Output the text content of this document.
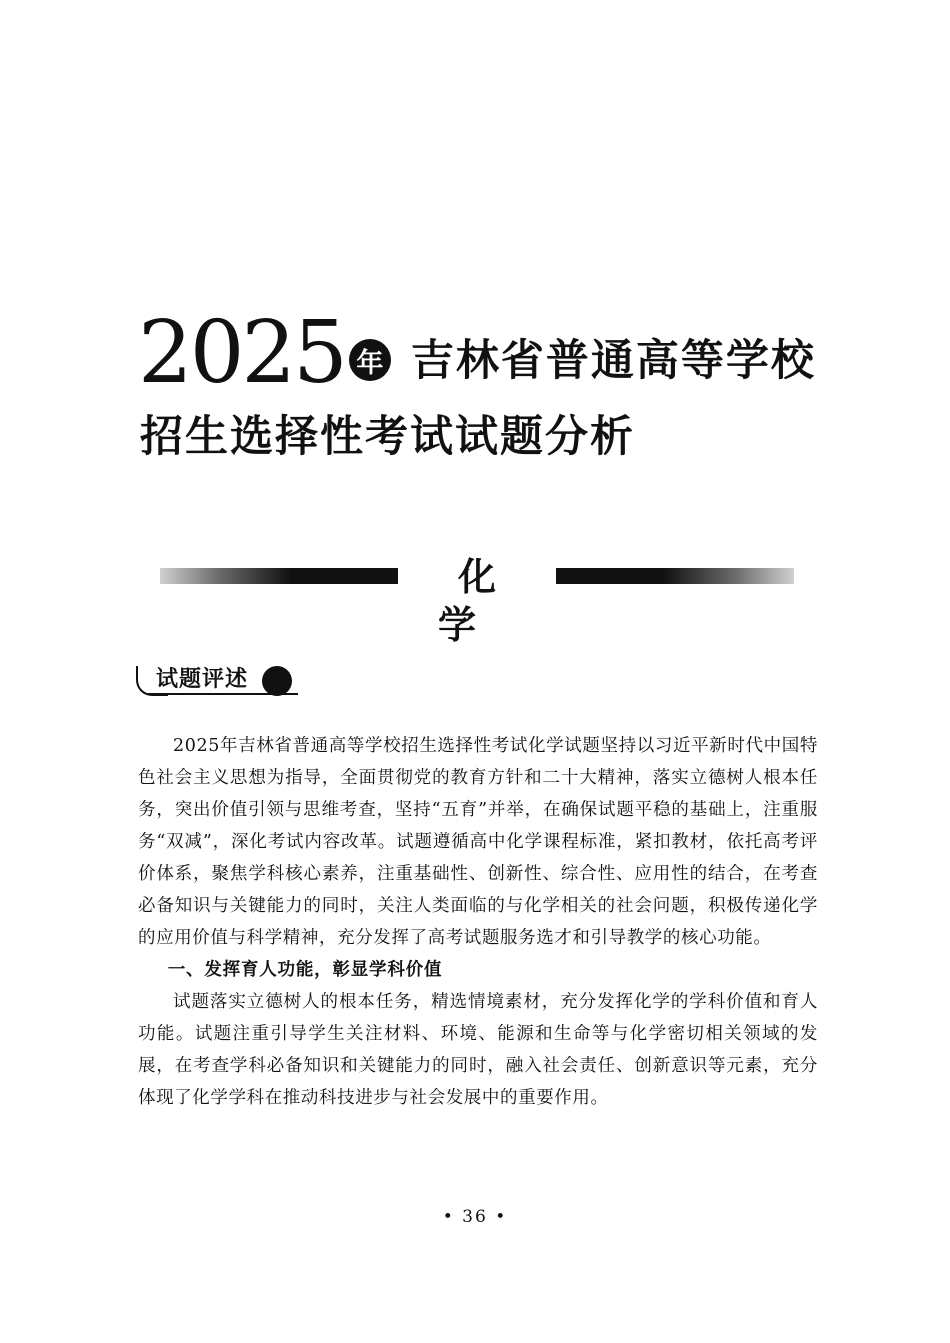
2025 年 吉林省普通高等学校
招生选择性考试试题分析
化 学
试题评述

2025年吉林省普通高等学校招生选择性考试化学试题坚持以习近平新时代中国特色社会主义思想为指导，全面贯彻党的教育方针和二十大精神，落实立德树人根本任务，突出价值引领与思维考查，坚持“五育”并举，在确保试题平稳的基础上，注重服务“双减”，深化考试内容改革。试题遵循高中化学课程标准，紧扣教材，依托高考评价体系，聚焦学科核心素养，注重基础性、创新性、综合性、应用性的结合，在考查必备知识与关键能力的同时，关注人类面临的与化学相关的社会问题，积极传递化学的应用价值与科学精神，充分发挥了高考试题服务选才和引导教学的核心功能。

一、发挥育人功能，彰显学科价值

试题落实立德树人的根本任务，精选情境素材，充分发挥化学的学科价值和育人功能。试题注重引导学生关注材料、环境、能源和生命等与化学密切相关领域的发展，在考查学科必备知识和关键能力的同时，融入社会责任、创新意识等元素，充分体现了化学学科在推动科技进步与社会发展中的重要作用。

• 36 •
